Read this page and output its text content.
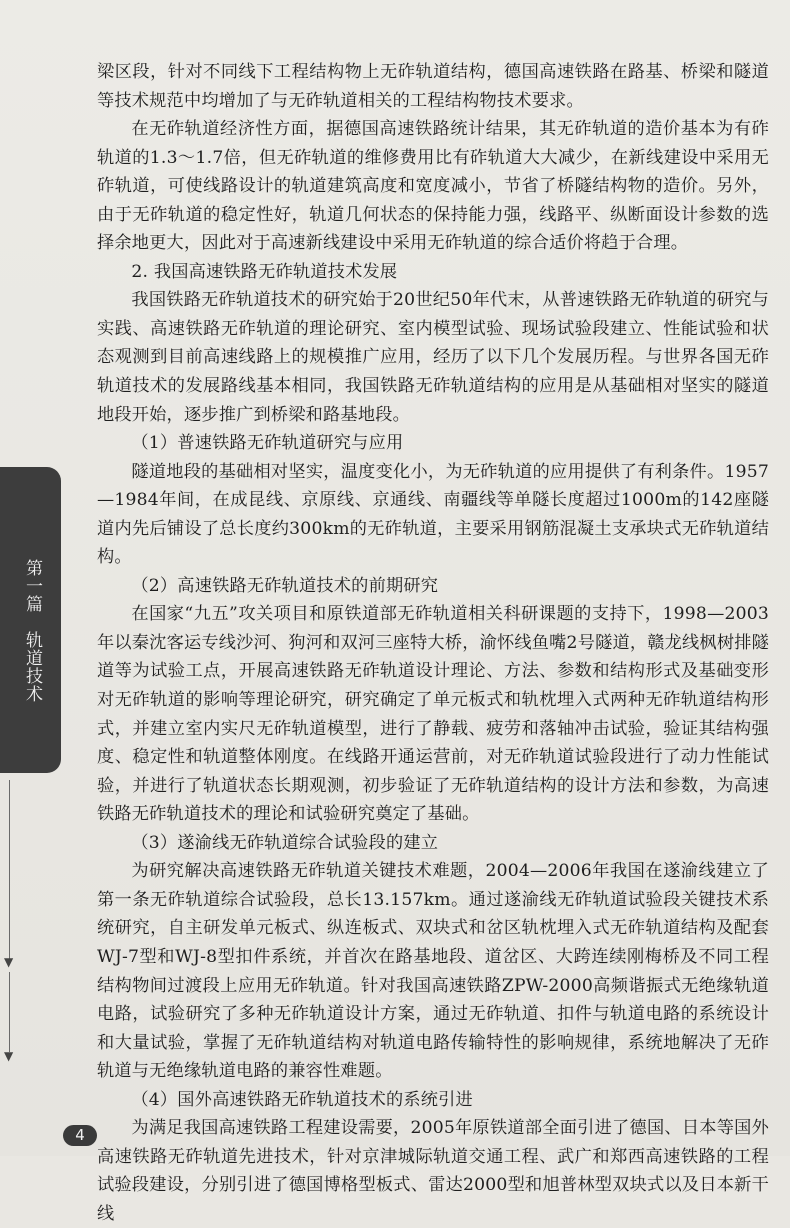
梁区段，针对不同线下工程结构物上无砟轨道结构，德国高速铁路在路基、桥梁和隧道等技术规范中均增加了与无砟轨道相关的工程结构物技术要求。

在无砟轨道经济性方面，据德国高速铁路统计结果，其无砟轨道的造价基本为有砟轨道的1.3～1.7倍，但无砟轨道的维修费用比有砟轨道大大减少，在新线建设中采用无砟轨道，可使线路设计的轨道建筑高度和宽度减小，节省了桥隧结构物的造价。另外，由于无砟轨道的稳定性好，轨道几何状态的保持能力强，线路平、纵断面设计参数的选择余地更大，因此对于高速新线建设中采用无砟轨道的综合适价将趋于合理。

2. 我国高速铁路无砟轨道技术发展

我国铁路无砟轨道技术的研究始于20世纪50年代末，从普速铁路无砟轨道的研究与实践、高速铁路无砟轨道的理论研究、室内模型试验、现场试验段建立、性能试验和状态观测到目前高速线路上的规模推广应用，经历了以下几个发展历程。与世界各国无砟轨道技术的发展路线基本相同，我国铁路无砟轨道结构的应用是从基础相对坚实的隧道地段开始，逐步推广到桥梁和路基地段。

（1）普速铁路无砟轨道研究与应用

隧道地段的基础相对坚实，温度变化小，为无砟轨道的应用提供了有利条件。1957—1984年间，在成昆线、京原线、京通线、南疆线等单隧长度超过1000m的142座隧道内先后铺设了总长度约300km的无砟轨道，主要采用钢筋混凝土支承块式无砟轨道结构。

（2）高速铁路无砟轨道技术的前期研究

在国家“九五”攻关项目和原铁道部无砟轨道相关科研课题的支持下，1998—2003年以秦沈客运专线沙河、狗河和双河三座特大桥，渝怀线鱼嘴2号隧道，赣龙线枫树排隧道等为试验工点，开展高速铁路无砟轨道设计理论、方法、参数和结构形式及基础变形对无砟轨道的影响等理论研究，研究确定了单元板式和轨枕埋入式两种无砟轨道结构形式，并建立室内实尺无砟轨道模型，进行了静载、疲劳和落轴冲击试验，验证其结构强度、稳定性和轨道整体刚度。在线路开通运营前，对无砟轨道试验段进行了动力性能试验，并进行了轨道状态长期观测，初步验证了无砟轨道结构的设计方法和参数，为高速铁路无砟轨道技术的理论和试验研究奠定了基础。

（3）遂渝线无砟轨道综合试验段的建立

为研究解决高速铁路无砟轨道关键技术难题，2004—2006年我国在遂渝线建立了第一条无砟轨道综合试验段，总长13.157km。通过遂渝线无砟轨道试验段关键技术系统研究，自主研发单元板式、纵连板式、双块式和岔区轨枕埋入式无砟轨道结构及配套WJ-7型和WJ-8型扣件系统，并首次在路基地段、道岔区、大跨连续刚梅桥及不同工程结构物间过渡段上应用无砟轨道。针对我国高速铁路ZPW-2000高频谐振式无绝缘轨道电路，试验研究了多种无砟轨道设计方案，通过无砟轨道、扣件与轨道电路的系统设计和大量试验，掌握了无砟轨道结构对轨道电路传输特性的影响规律，系统地解决了无砟轨道与无绝缘轨道电路的兼容性难题。

（4）国外高速铁路无砟轨道技术的系统引进

为满足我国高速铁路工程建设需要，2005年原铁道部全面引进了德国、日本等国外高速铁路无砟轨道先进技术，针对京津城际轨道交通工程、武广和郑西高速铁路的工程试验段建设，分别引进了德国博格型板式、雷达2000型和旭普林型双块式以及日本新干线

第一篇
轨道技术
▼
▼
4
